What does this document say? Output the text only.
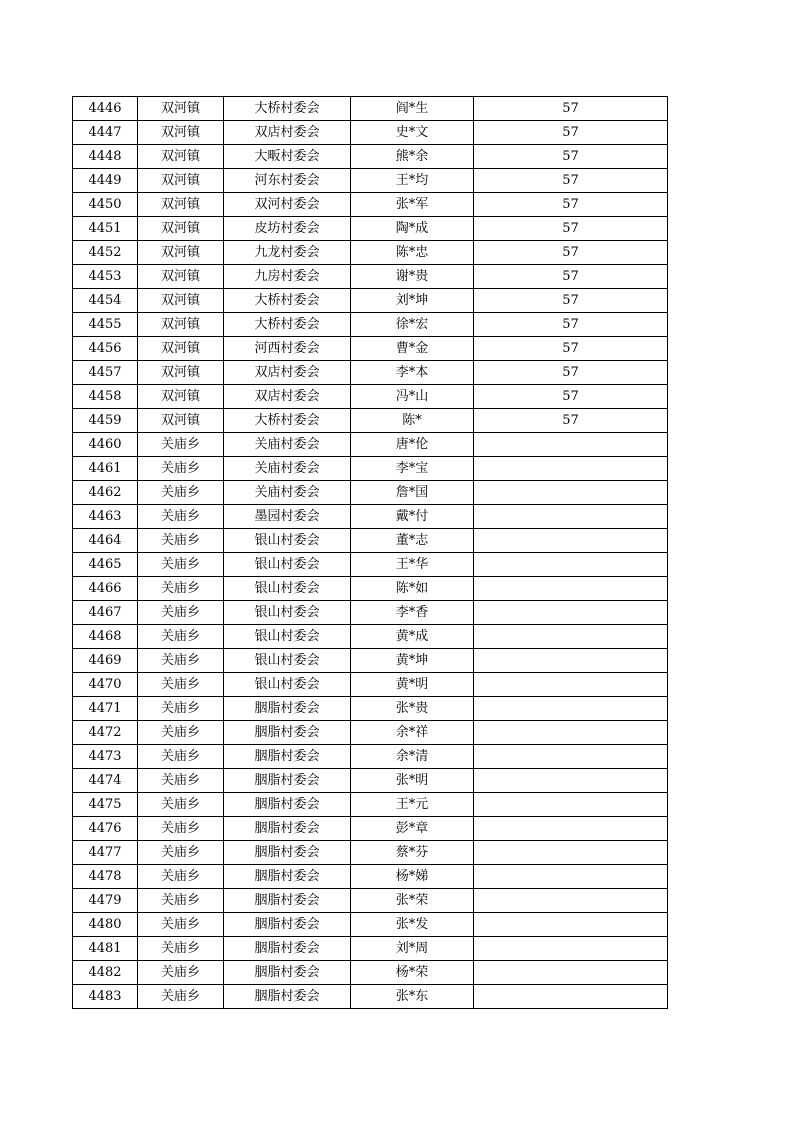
4446	双河镇	大桥村委会	阎*生	57
4447	双河镇	双店村委会	史*文	57
4448	双河镇	大畈村委会	熊*余	57
4449	双河镇	河东村委会	王*均	57
4450	双河镇	双河村委会	张*军	57
4451	双河镇	皮坊村委会	陶*成	57
4452	双河镇	九龙村委会	陈*忠	57
4453	双河镇	九房村委会	谢*贵	57
4454	双河镇	大桥村委会	刘*坤	57
4455	双河镇	大桥村委会	徐*宏	57
4456	双河镇	河西村委会	曹*金	57
4457	双河镇	双店村委会	李*本	57
4458	双河镇	双店村委会	冯*山	57
4459	双河镇	大桥村委会	陈*	57
4460	关庙乡	关庙村委会	唐*伦	
4461	关庙乡	关庙村委会	李*宝	
4462	关庙乡	关庙村委会	詹*国	
4463	关庙乡	墨园村委会	戴*付	
4464	关庙乡	银山村委会	董*志	
4465	关庙乡	银山村委会	王*华	
4466	关庙乡	银山村委会	陈*如	
4467	关庙乡	银山村委会	李*香	
4468	关庙乡	银山村委会	黄*成	
4469	关庙乡	银山村委会	黄*坤	
4470	关庙乡	银山村委会	黄*明	
4471	关庙乡	胭脂村委会	张*贵	
4472	关庙乡	胭脂村委会	余*祥	
4473	关庙乡	胭脂村委会	余*清	
4474	关庙乡	胭脂村委会	张*明	
4475	关庙乡	胭脂村委会	王*元	
4476	关庙乡	胭脂村委会	彭*章	
4477	关庙乡	胭脂村委会	蔡*芬	
4478	关庙乡	胭脂村委会	杨*娣	
4479	关庙乡	胭脂村委会	张*荣	
4480	关庙乡	胭脂村委会	张*发	
4481	关庙乡	胭脂村委会	刘*周	
4482	关庙乡	胭脂村委会	杨*荣	
4483	关庙乡	胭脂村委会	张*东	
